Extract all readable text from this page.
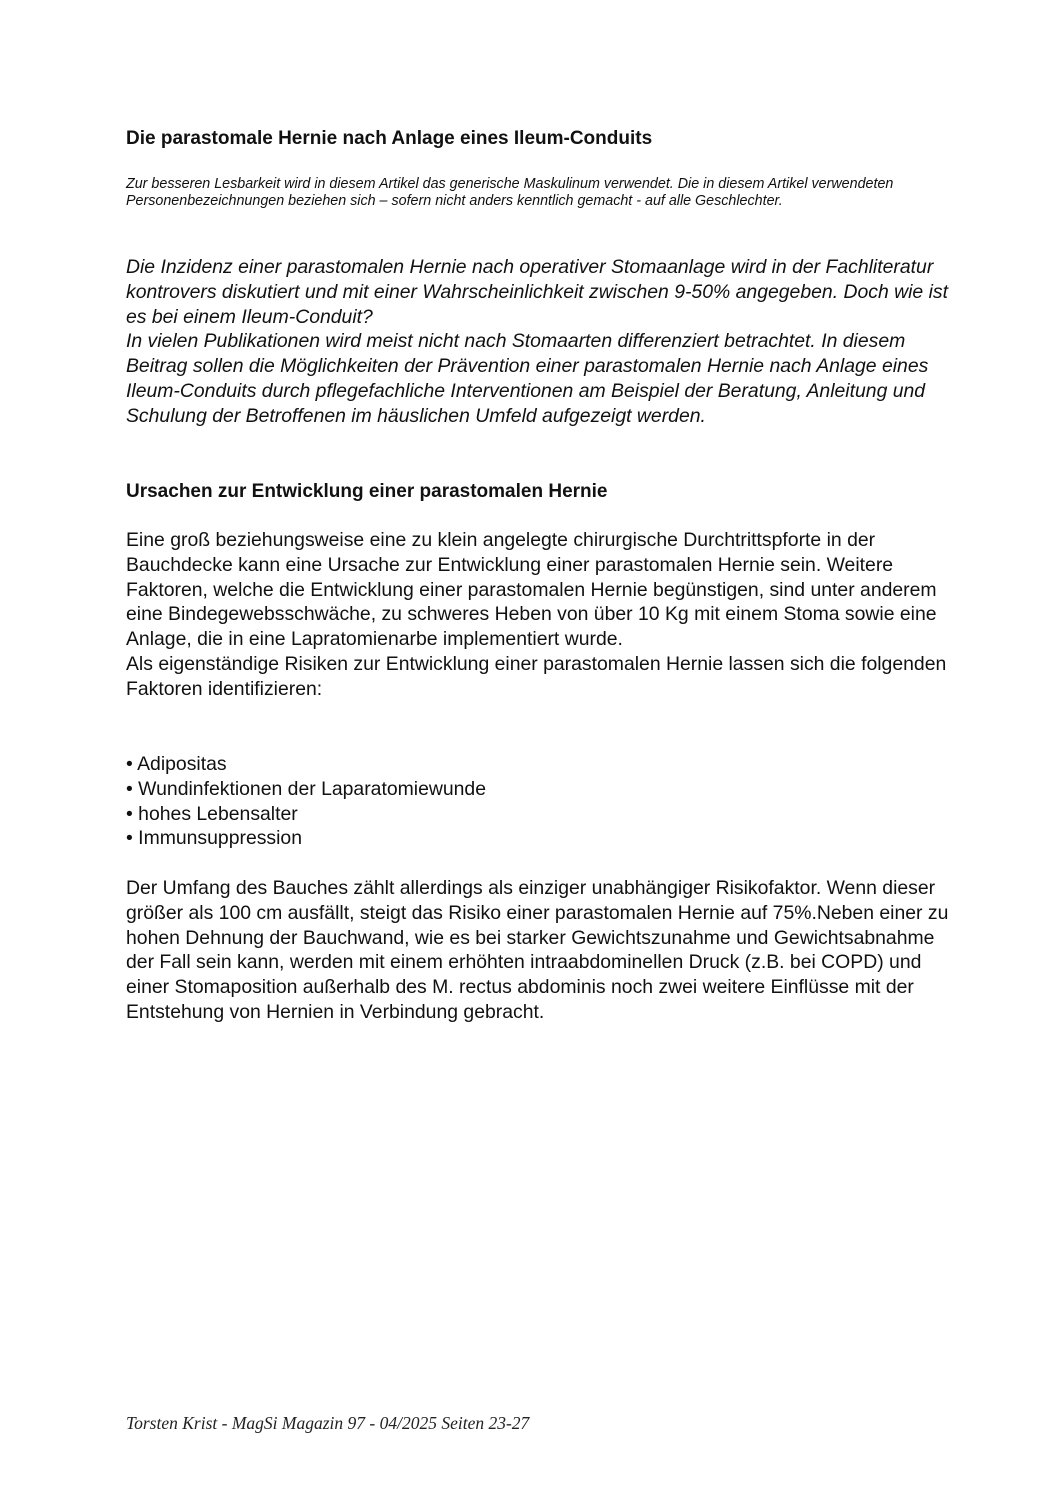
Die parastomale Hernie nach Anlage eines Ileum-Conduits

Zur besseren Lesbarkeit wird in diesem Artikel das generische Maskulinum verwendet. Die in diesem Artikel verwendeten Personenbezeichnungen beziehen sich – sofern nicht anders kenntlich gemacht - auf alle Geschlechter.

Die Inzidenz einer parastomalen Hernie nach operativer Stomaanlage wird in der Fachliteratur kontrovers diskutiert und mit einer Wahrscheinlichkeit zwischen 9-50% angegeben. Doch wie ist es bei einem Ileum-Conduit?
In vielen Publikationen wird meist nicht nach Stomaarten differenziert betrachtet. In diesem Beitrag sollen die Möglichkeiten der Prävention einer parastomalen Hernie nach Anlage eines Ileum-Conduits durch pflegefachliche Interventionen am Beispiel der Beratung, Anleitung und Schulung der Betroffenen im häuslichen Umfeld aufgezeigt werden.
Ursachen zur Entwicklung einer parastomalen Hernie
Eine groß beziehungsweise eine zu klein angelegte chirurgische Durchtrittspforte in der Bauchdecke kann eine Ursache zur Entwicklung einer parastomalen Hernie sein. Weitere Faktoren, welche die Entwicklung einer parastomalen Hernie begünstigen, sind unter anderem eine Bindegewebsschwäche, zu schweres Heben von über 10 Kg mit einem Stoma sowie eine Anlage, die in eine Lapratomienarbe implementiert wurde.
Als eigenständige Risiken zur Entwicklung einer parastomalen Hernie lassen sich die folgenden Faktoren identifizieren:
• Adipositas
• Wundinfektionen der Laparatomiewunde
• hohes Lebensalter
• Immunsuppression

Der Umfang des Bauches zählt allerdings als einziger unabhängiger Risikofaktor. Wenn dieser größer als 100 cm ausfällt, steigt das Risiko einer parastomalen Hernie auf 75%.Neben einer zu hohen Dehnung der Bauchwand, wie es bei starker Gewichtszunahme und Gewichtsabnahme der Fall sein kann, werden mit einem erhöhten intraabdominellen Druck (z.B. bei COPD) und einer Stomaposition außerhalb des M. rectus abdominis noch zwei weitere Einflüsse mit der Entstehung von Hernien in Verbindung gebracht.

Torsten Krist - MagSi Magazin 97 - 04/2025 Seiten 23-27
